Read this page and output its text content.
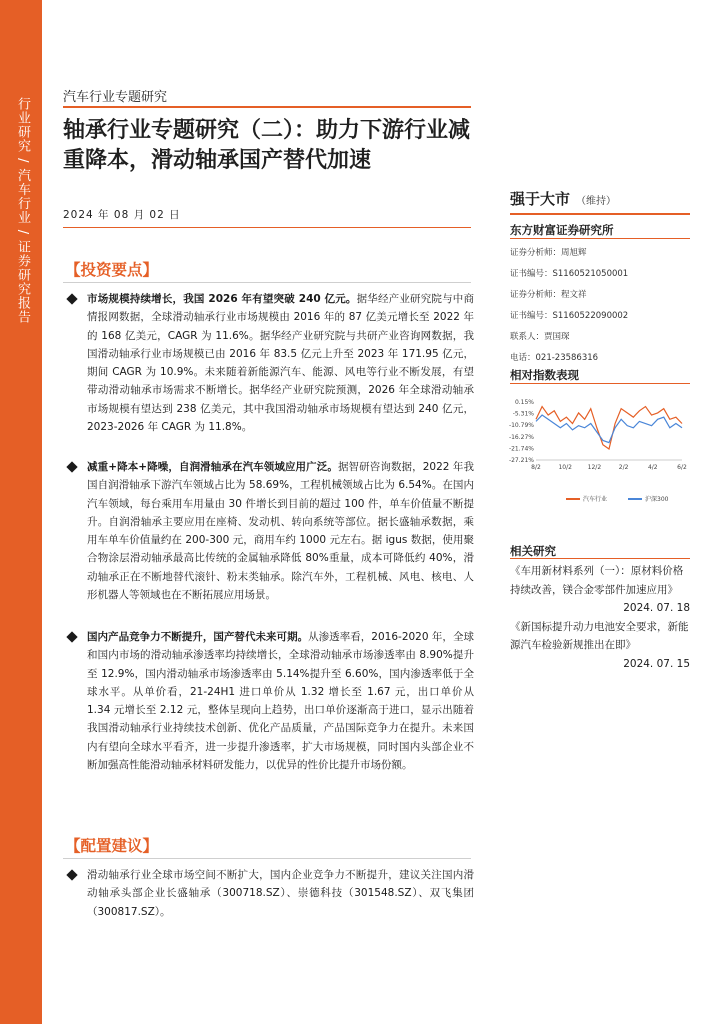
行业研究 / 汽车行业 / 证券研究报告	汽车行业专题研究
轴承行业专题研究（二）：助力下游行业减重降本，滑动轴承国产替代加速
2024 年 08 月 02 日
【投资要点】
市场规模持续增长，我国 2026 年有望突破 240 亿元。据华经产业研究院与中商情报网数据，全球滑动轴承行业市场规模由 2016 年的 87 亿美元增长至 2022 年的 168 亿美元，CAGR 为 11.6%。据华经产业研究院与共研产业咨询网数据，我国滑动轴承行业市场规模已由 2016 年 83.5 亿元上升至 2023 年 171.95 亿元，期间 CAGR 为 10.9%。未来随着新能源汽车、能源、风电等行业不断发展，有望带动滑动轴承市场需求不断增长。据华经产业研究院预测，2026 年全球滑动轴承市场规模有望达到 238 亿美元，其中我国滑动轴承市场规模有望达到 240 亿元，2023-2026 年 CAGR 为 11.8%。
减重+降本+降噪，自润滑轴承在汽车领域应用广泛。据智研咨询数据，2022 年我国自润滑轴承下游汽车领域占比为 58.69%，工程机械领域占比为 6.54%。在国内汽车领域，每台乘用车用量由 30 件增长到目前的超过 100 件，单车价值量不断提升。自润滑轴承主要应用在座椅、发动机、转向系统等部位。据长盛轴承数据，乘用车单车价值量约在 200-300 元，商用车约 1000 元左右。据 igus 数据，使用聚合物涂层滑动轴承最高比传统的金属轴承降低 80%重量，成本可降低约 40%，滑动轴承正在不断地替代滚针、粉末类轴承。除汽车外，工程机械、风电、核电、人形机器人等领域也在不断拓展应用场景。
国内产品竞争力不断提升，国产替代未来可期。从渗透率看，2016-2020 年，全球和国内市场的滑动轴承渗透率均持续增长，全球滑动轴承市场渗透率由 8.90%提升至 12.9%，国内滑动轴承市场渗透率由 5.14%提升至 6.60%，国内渗透率低于全球水平。从单价看，21-24H1 进口单价从 1.32 增长至 1.67 元，出口单价从 1.34 元增长至 2.12 元，整体呈现向上趋势，出口单价逐渐高于进口，显示出随着我国滑动轴承行业持续技术创新、优化产品质量，产品国际竞争力在提升。未来国内有望向全球水平看齐，进一步提升渗透率，扩大市场规模，同时国内头部企业不断加强高性能滑动轴承材料研发能力，以优异的性价比提升市场份额。
【配置建议】
滑动轴承行业全球市场空间不断扩大，国内企业竞争力不断提升，建议关注国内滑动轴承头部企业长盛轴承（300718.SZ）、崇德科技（301548.SZ）、双飞集团（300817.SZ）。
强于大市 （维持）
东方财富证券研究所
证券分析师：周旭辉
证书编号：S1160521050001
证券分析师：程文祥
证书编号：S1160522090002
联系人：贾国琛
电话：021-23586316
相对指数表现
0.15%
-5.31%
-10.79%
-16.27%
-21.74%
-27.21%
8/2	10/2	12/2	2/2	4/2	6/2
汽车行业	沪深300
相关研究
《车用新材料系列（一）：原材料价格持续改善，镁合金零部件加速应用》
2024. 07. 18
《新国标提升动力电池安全要求，新能源汽车检验新规推出在即》
2024. 07. 15
